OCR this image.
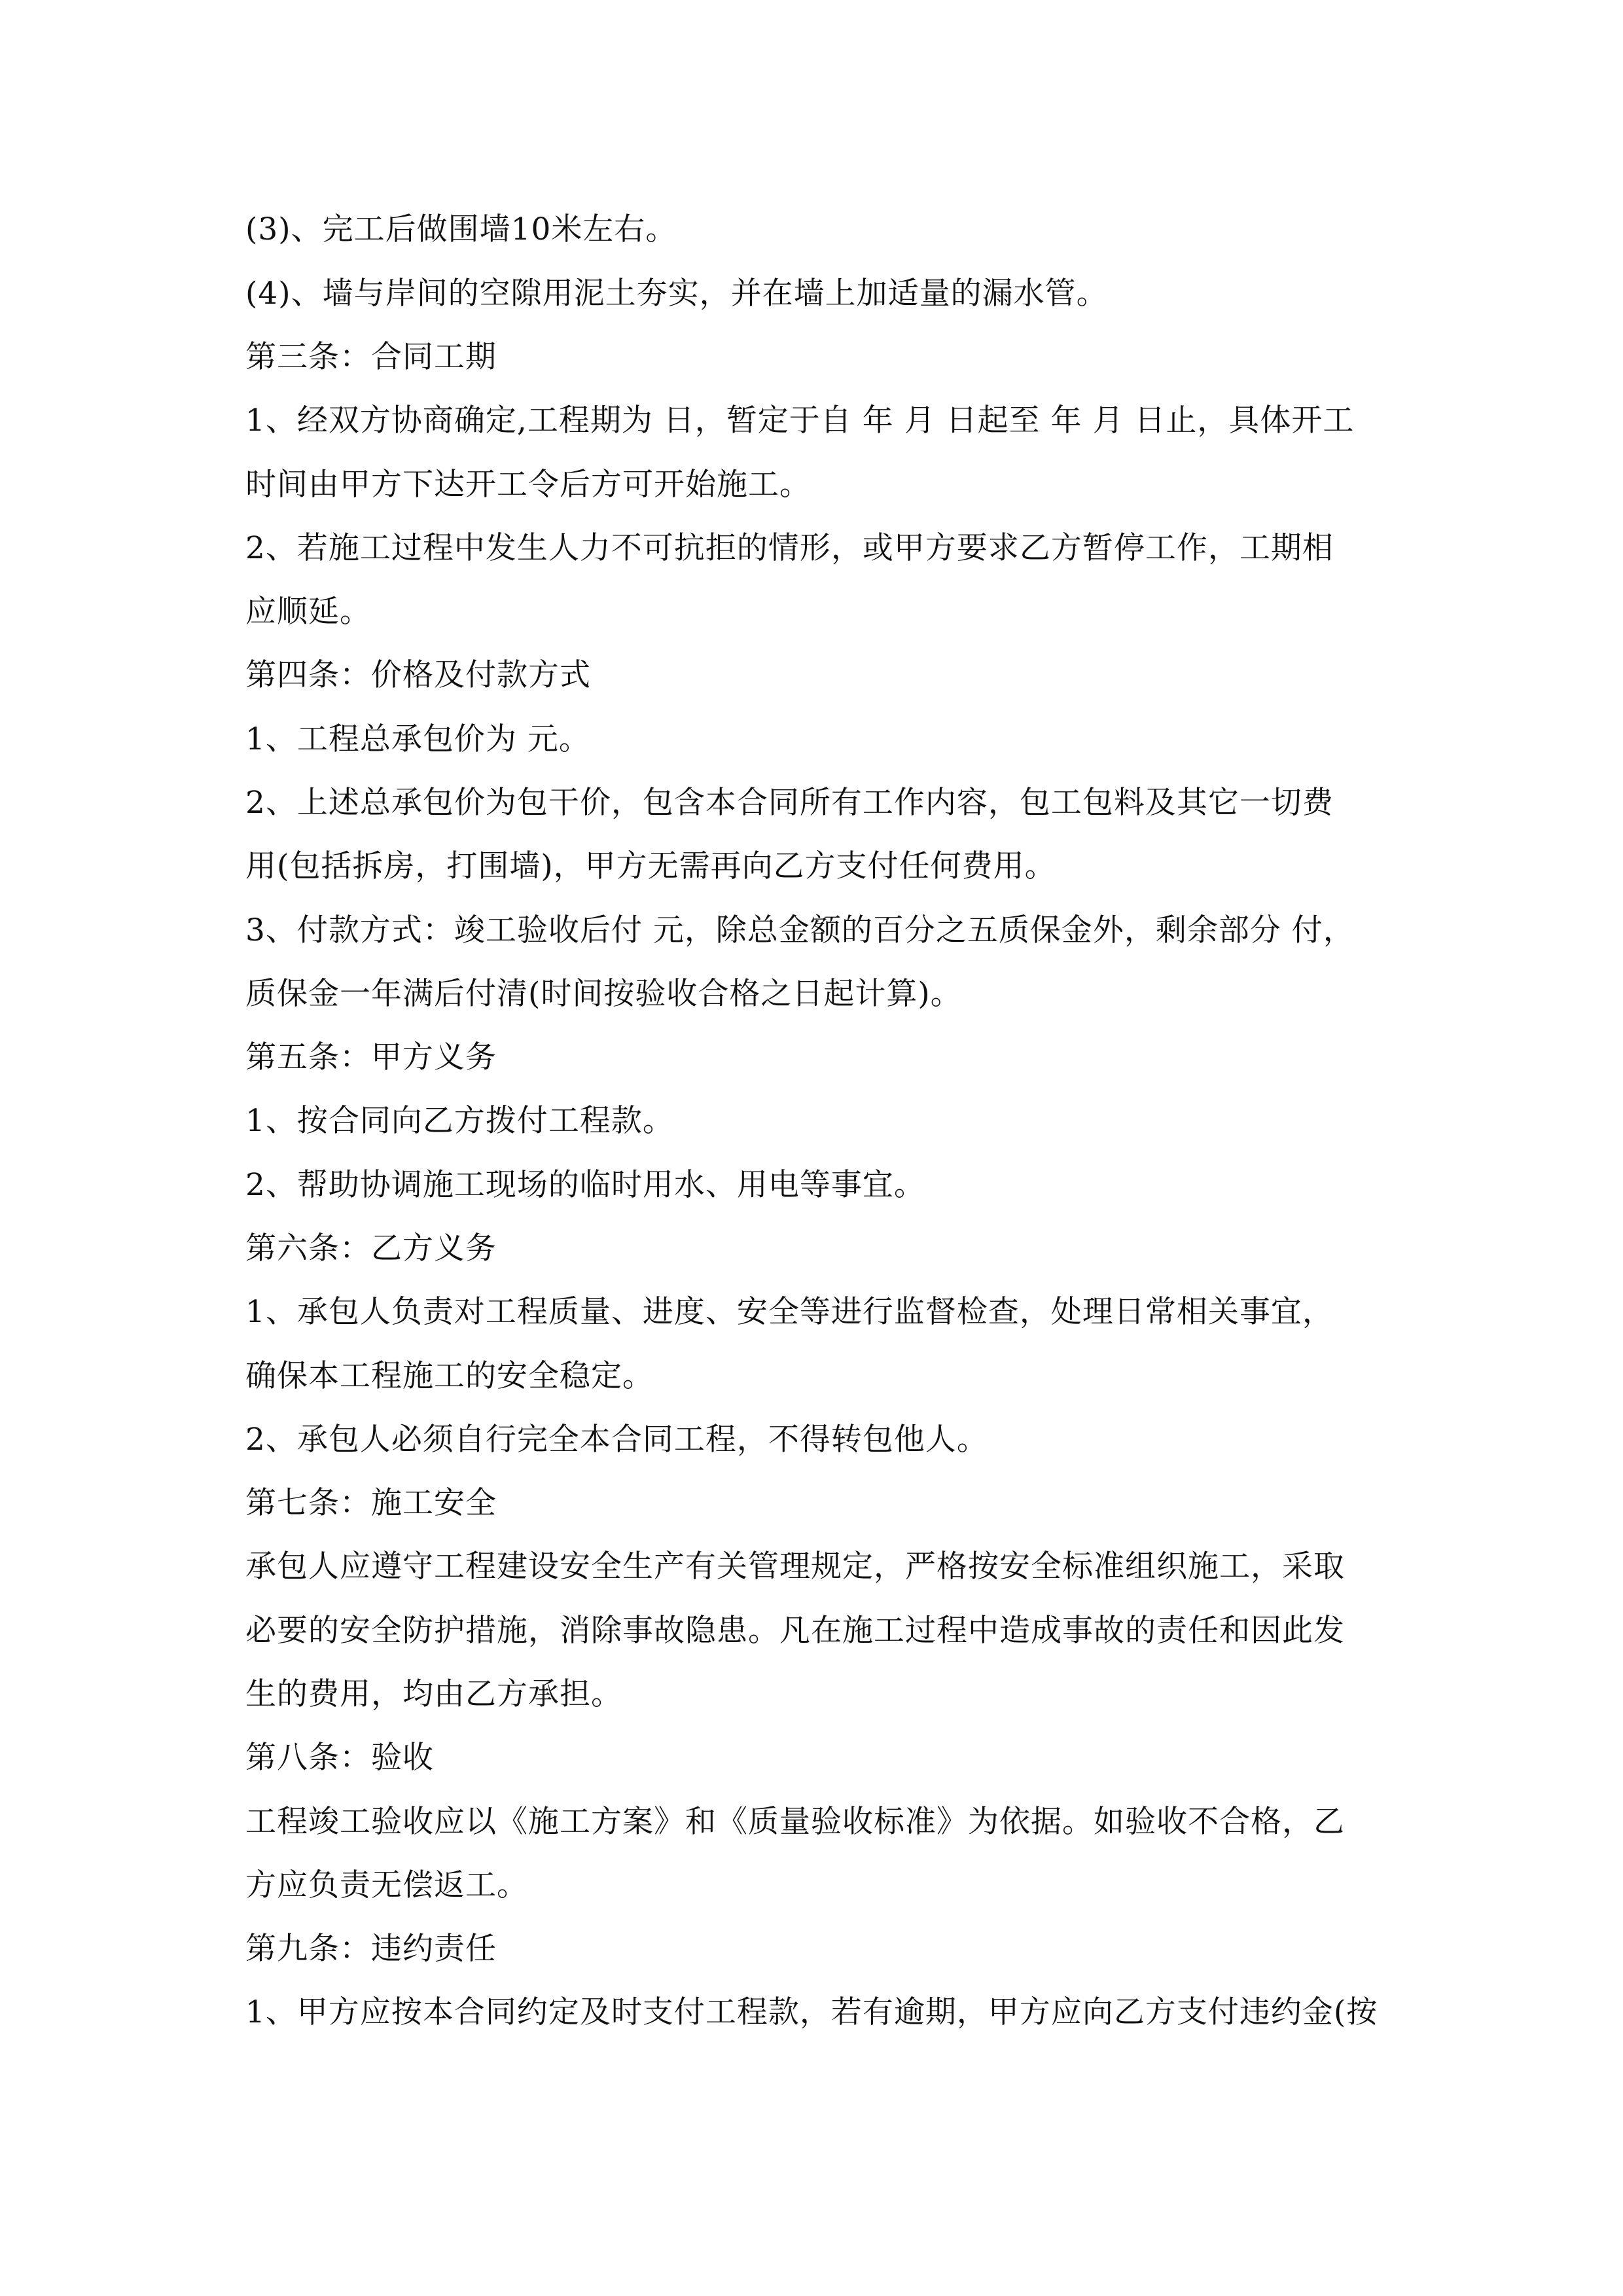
(3)、完工后做围墙10米左右。
(4)、墙与岸间的空隙用泥土夯实，并在墙上加适量的漏水管。
第三条：合同工期
1、经双方协商确定,工程期为 日，暂定于自 年 月 日起至 年 月 日止，具体开工
时间由甲方下达开工令后方可开始施工。
2、若施工过程中发生人力不可抗拒的情形，或甲方要求乙方暂停工作，工期相
应顺延。
第四条：价格及付款方式
1、工程总承包价为 元。
2、上述总承包价为包干价，包含本合同所有工作内容，包工包料及其它一切费
用(包括拆房，打围墙)，甲方无需再向乙方支付任何费用。
3、付款方式：竣工验收后付 元，除总金额的百分之五质保金外，剩余部分 付，
质保金一年满后付清(时间按验收合格之日起计算)。
第五条：甲方义务
1、按合同向乙方拨付工程款。
2、帮助协调施工现场的临时用水、用电等事宜。
第六条：乙方义务
1、承包人负责对工程质量、进度、安全等进行监督检查，处理日常相关事宜，
确保本工程施工的安全稳定。
2、承包人必须自行完全本合同工程，不得转包他人。
第七条：施工安全
承包人应遵守工程建设安全生产有关管理规定，严格按安全标准组织施工，采取
必要的安全防护措施，消除事故隐患。凡在施工过程中造成事故的责任和因此发
生的费用，均由乙方承担。
第八条：验收
工程竣工验收应以《施工方案》和《质量验收标准》为依据。如验收不合格，乙
方应负责无偿返工。
第九条：违约责任
1、甲方应按本合同约定及时支付工程款，若有逾期，甲方应向乙方支付违约金(按
